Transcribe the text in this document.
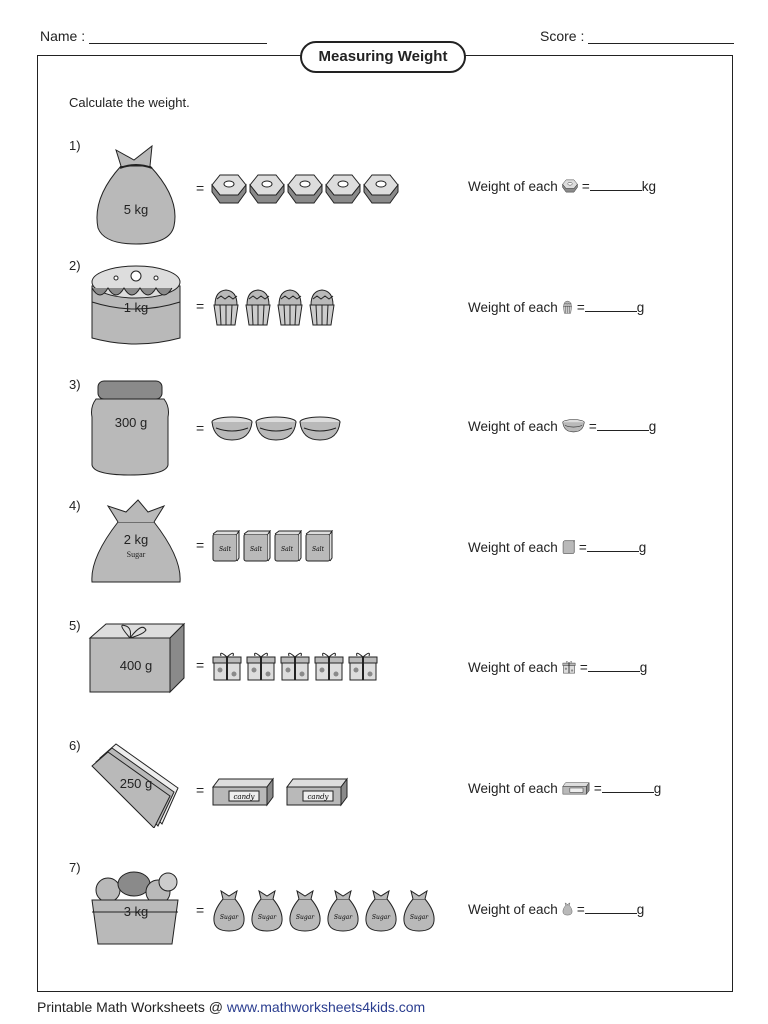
Name :	Score :
Measuring Weight
Calculate the weight.
1)
5 kg
=	Weight of each =	kg
2)
1 kg	=	Weight of each =	g
3)
300 g	=	Weight of each =	g
4)
2 kg
Sugar
= Salt	Salt	Salt	Salt	Weight of each =	g
5)
400 g	=	Weight of each =	g
6)
250 g	=	candy	candy
Weight of each	=	g
7)
3 kg	=	Sugar	Sugar	Sugar	Sugar	Sugar	Sugar
Weight of each =	g
Printable Math Worksheets @ www.mathworksheets4kids.com
